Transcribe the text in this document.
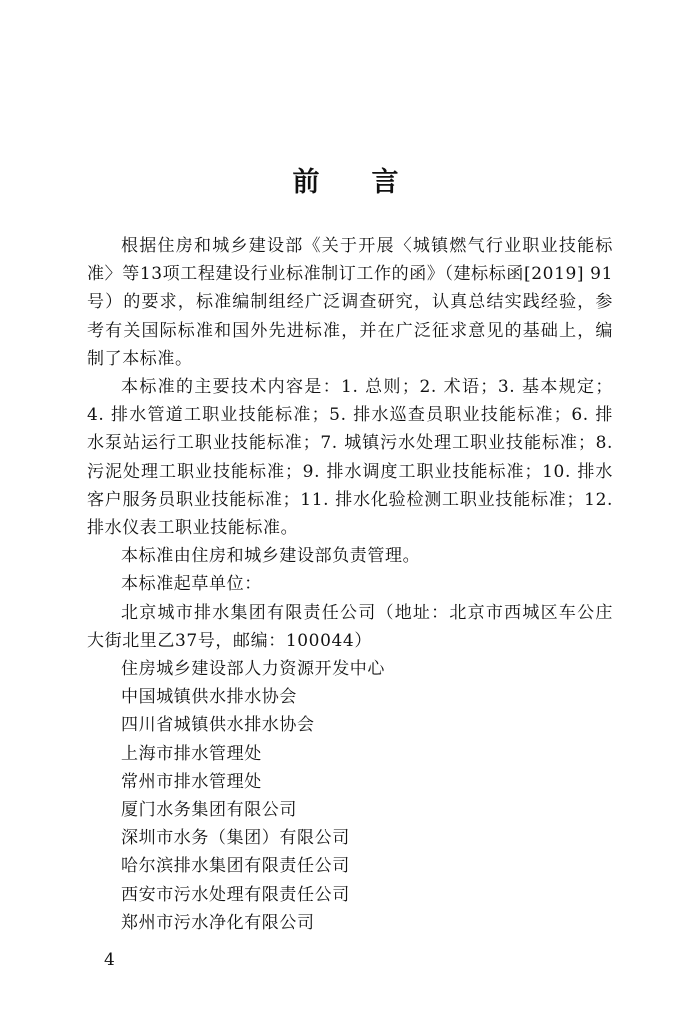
前言

根据住房和城乡建设部《关于开展〈城镇燃气行业职业技能标准〉等13项工程建设行业标准制订工作的函》（建标标函[2019] 91号）的要求，标准编制组经广泛调查研究，认真总结实践经验，参考有关国际标准和国外先进标准，并在广泛征求意见的基础上，编制了本标准。

本标准的主要技术内容是：1. 总则；2. 术语；3. 基本规定；4. 排水管道工职业技能标准；5. 排水巡查员职业技能标准；6. 排水泵站运行工职业技能标准；7. 城镇污水处理工职业技能标准；8. 污泥处理工职业技能标准；9. 排水调度工职业技能标准；10. 排水客户服务员职业技能标准；11. 排水化验检测工职业技能标准；12. 排水仪表工职业技能标准。

本标准由住房和城乡建设部负责管理。

本标准起草单位：

北京城市排水集团有限责任公司（地址：北京市西城区车公庄大街北里乙37号，邮编：100044）

住房城乡建设部人力资源开发中心
中国城镇供水排水协会
四川省城镇供水排水协会
上海市排水管理处
常州市排水管理处
厦门水务集团有限公司
深圳市水务（集团）有限公司
哈尔滨排水集团有限责任公司
西安市污水处理有限责任公司
郑州市污水净化有限公司
4
